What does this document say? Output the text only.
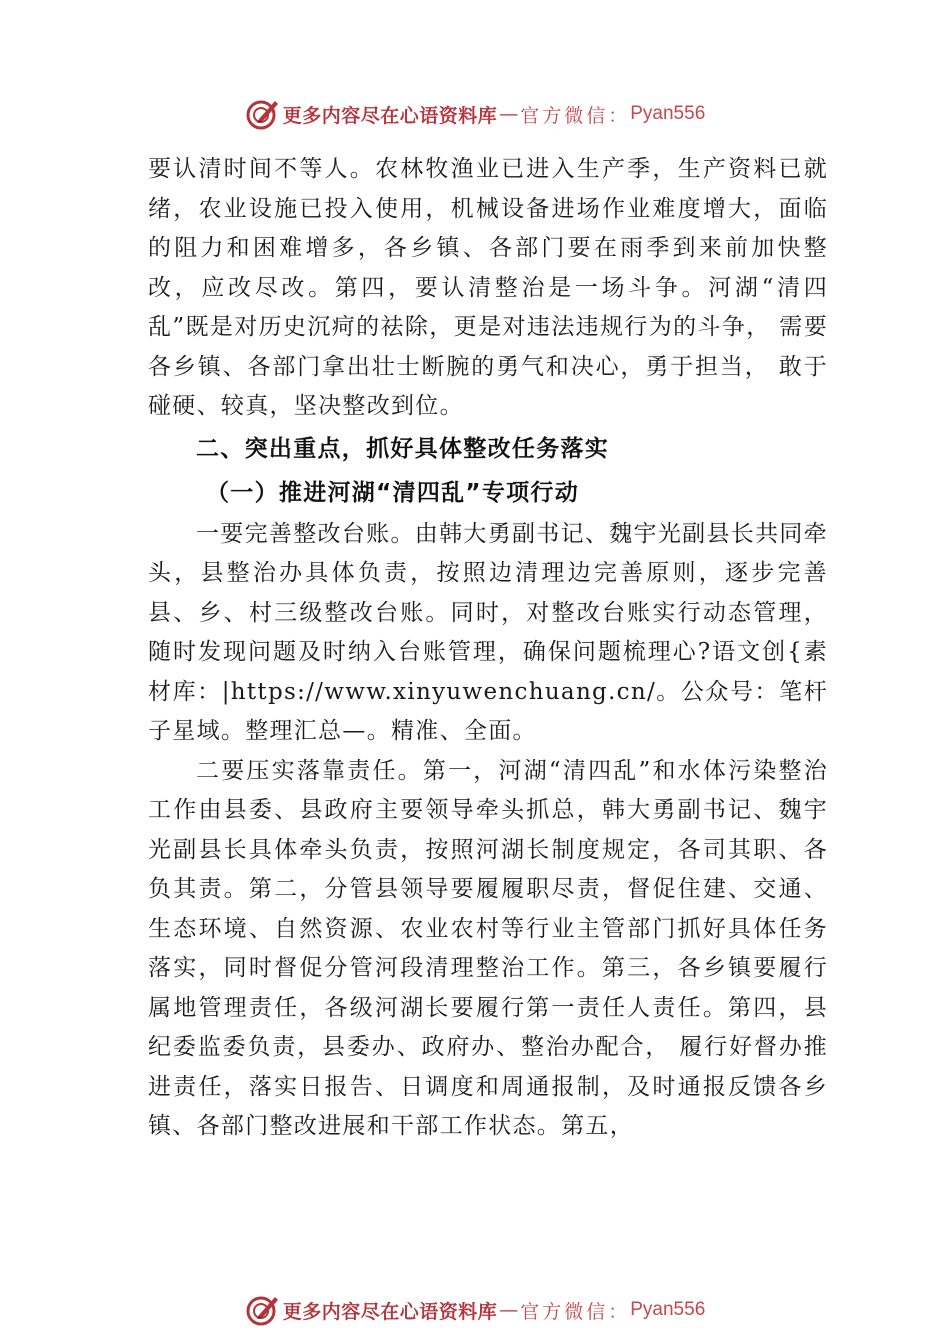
更多内容尽在心语资料库 — 官方微信： Pyan556

要认清时间不等人。农林牧渔业已进入生产季，生产资料已就绪，农业设施已投入使用，机械设备进场作业难度增大，面临的阻力和困难增多，各乡镇、各部门要在雨季到来前加快整改，应改尽改。第四，要认清整治是一场斗争。河湖“清四乱”既是对历史沉疴的祛除，更是对违法违规行为的斗争， 需要各乡镇、各部门拿出壮士断腕的勇气和决心，勇于担当， 敢于碰硬、较真，坚决整改到位。

二、突出重点，抓好具体整改任务落实
（一）推进河湖“清四乱”专项行动

一要完善整改台账。由韩大勇副书记、魏宇光副县长共同牵头，县整治办具体负责，按照边清理边完善原则，逐步完善县、乡、村三级整改台账。同时，对整改台账实行动态管理，随时发现问题及时纳入台账管理，确保问题梳理心?语文创{素材库：|https://www.xinyuwenchuang.cn/。公众号：笔杆子星域。整理汇总—。精准、全面。

二要压实落靠责任。第一，河湖“清四乱”和水体污染整治工作由县委、县政府主要领导牵头抓总，韩大勇副书记、魏宇光副县长具体牵头负责，按照河湖长制度规定，各司其职、各负其责。第二，分管县领导要履履职尽责，督促住建、交通、生态环境、自然资源、农业农村等行业主管部门抓好具体任务落实，同时督促分管河段清理整治工作。第三，各乡镇要履行属地管理责任，各级河湖长要履行第一责任人责任。第四，县纪委监委负责，县委办、政府办、整治办配合， 履行好督办推进责任，落实日报告、日调度和周通报制，及时通报反馈各乡镇、各部门整改进展和干部工作状态。第五，

更多内容尽在心语资料库 — 官方微信： Pyan556
